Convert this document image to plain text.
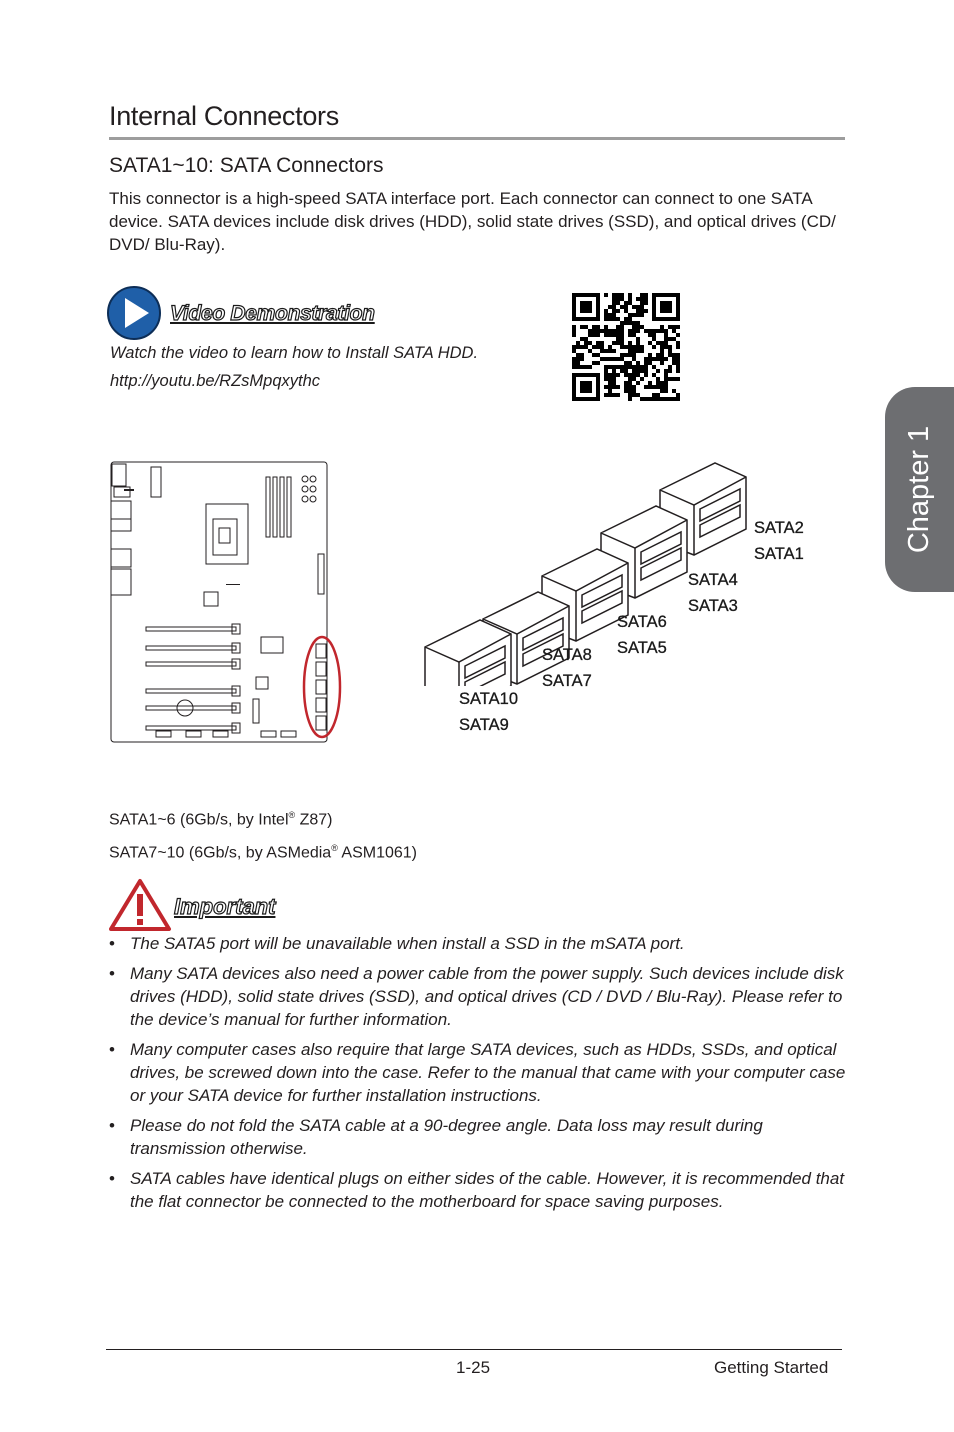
Internal Connectors
SATA1~10: SATA Connectors
This connector is a high-speed SATA interface port. Each connector can connect to one SATA device. SATA devices include disk drives (HDD), solid state drives (SSD), and optical drives (CD/ DVD/ Blu-Ray).
Video Demonstration
Watch the video to learn how to Install SATA HDD.
http://youtu.be/RZsMpqxythc
SATA2
SATA1
SATA4
SATA3
SATA6
SATA5
SATA8
SATA7
SATA10
SATA9
SATA1~6 (6Gb/s, by Intel® Z87)
SATA7~10 (6Gb/s, by ASMedia® ASM1061)
Important
• The SATA5 port will be unavailable when install a SSD in the mSATA port.
• Many SATA devices also need a power cable from the power supply. Such devices include disk drives (HDD), solid state drives (SSD), and optical drives (CD / DVD / Blu-Ray). Please refer to the device’s manual for further information.
• Many computer cases also require that large SATA devices, such as HDDs, SSDs, and optical drives, be screwed down into the case. Refer to the manual that came with your computer case or your SATA device for further installation instructions.
• Please do not fold the SATA cable at a 90-degree angle. Data loss may result during transmission otherwise.
• SATA cables have identical plugs on either sides of the cable. However, it is recommended that the flat connector be connected to the motherboard for space saving purposes.
1-25	Getting Started
Chapter 1
